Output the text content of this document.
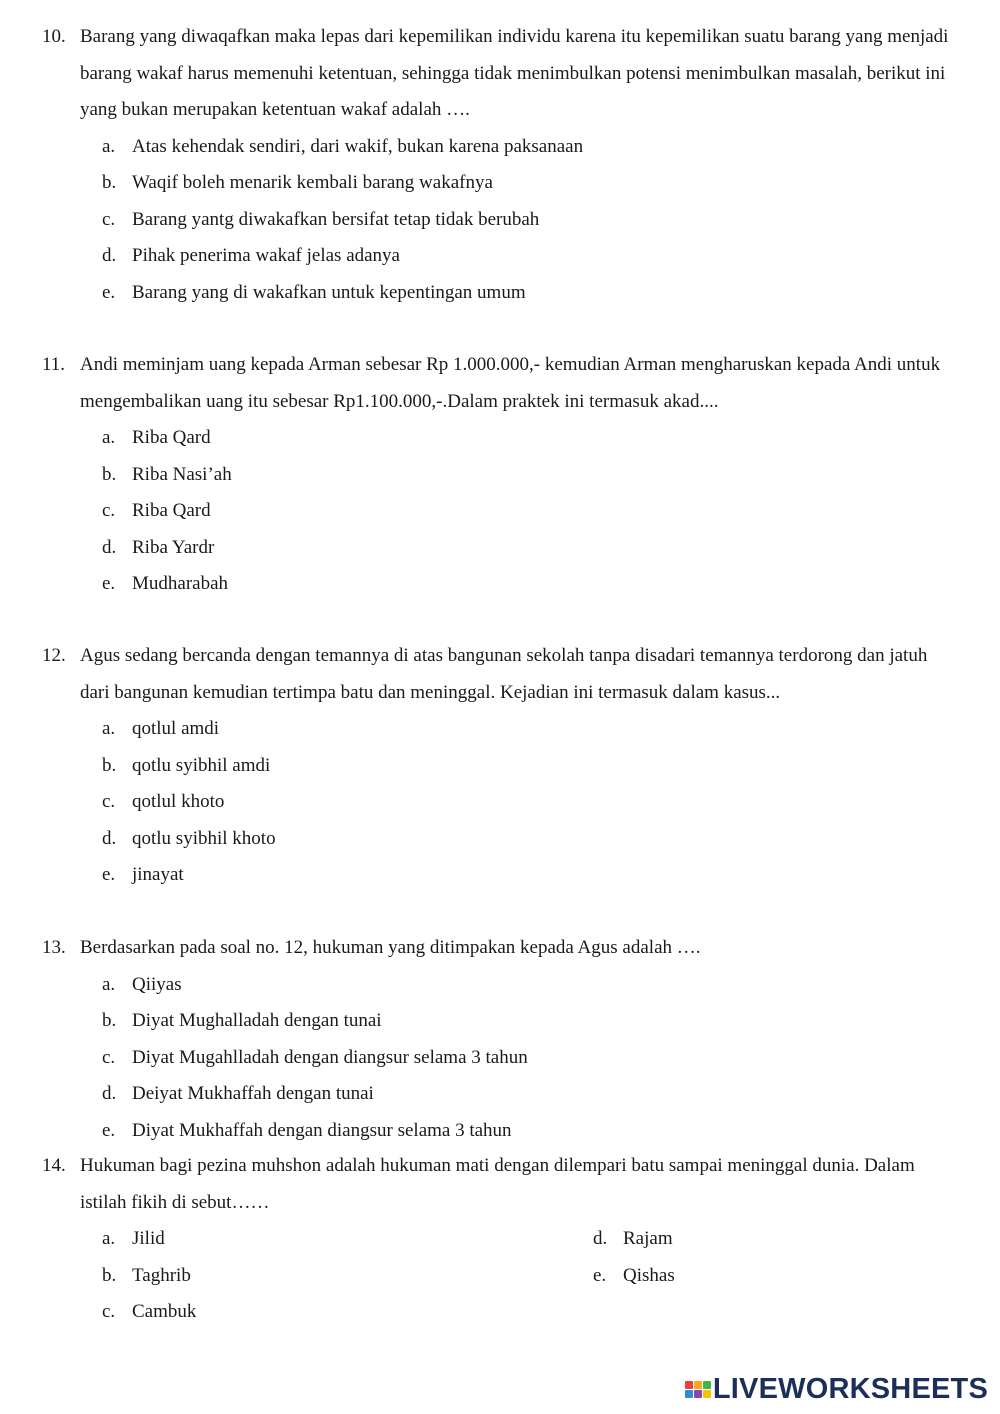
10. Barang yang diwaqafkan maka lepas dari kepemilikan individu karena itu kepemilikan suatu barang yang menjadi barang wakaf harus memenuhi ketentuan, sehingga tidak menimbulkan potensi menimbulkan masalah, berikut ini yang bukan merupakan ketentuan wakaf adalah ….
a. Atas kehendak sendiri, dari wakif, bukan karena paksanaan
b. Waqif boleh menarik kembali barang wakafnya
c. Barang yantg diwakafkan bersifat tetap tidak berubah
d. Pihak penerima wakaf jelas adanya
e. Barang yang di wakafkan untuk kepentingan umum
11. Andi meminjam uang kepada Arman sebesar Rp 1.000.000,- kemudian Arman mengharuskan kepada Andi untuk mengembalikan uang itu sebesar Rp1.100.000,-.Dalam praktek ini termasuk akad....
a. Riba Qard
b. Riba Nasi’ah
c. Riba Qard
d. Riba Yardr
e. Mudharabah
12. Agus sedang bercanda dengan temannya di atas bangunan sekolah tanpa disadari temannya terdorong dan jatuh dari bangunan kemudian tertimpa batu dan meninggal. Kejadian ini termasuk dalam kasus...
a. qotlul amdi
b. qotlu syibhil amdi
c. qotlul khoto
d. qotlu syibhil khoto
e. jinayat
13. Berdasarkan pada soal no. 12, hukuman yang ditimpakan kepada Agus adalah ….
a. Qiiyas
b. Diyat Mughalladah dengan tunai
c. Diyat Mugahlladah dengan diangsur selama 3 tahun
d. Deiyat Mukhaffah dengan tunai
e. Diyat Mukhaffah dengan diangsur selama 3 tahun
14. Hukuman bagi pezina muhshon adalah hukuman mati dengan dilempari batu sampai meninggal dunia. Dalam istilah fikih di sebut……
a. Jilid
b. Taghrib
c. Cambuk
d. Rajam
e. Qishas
LIVEWORKSHEETS
